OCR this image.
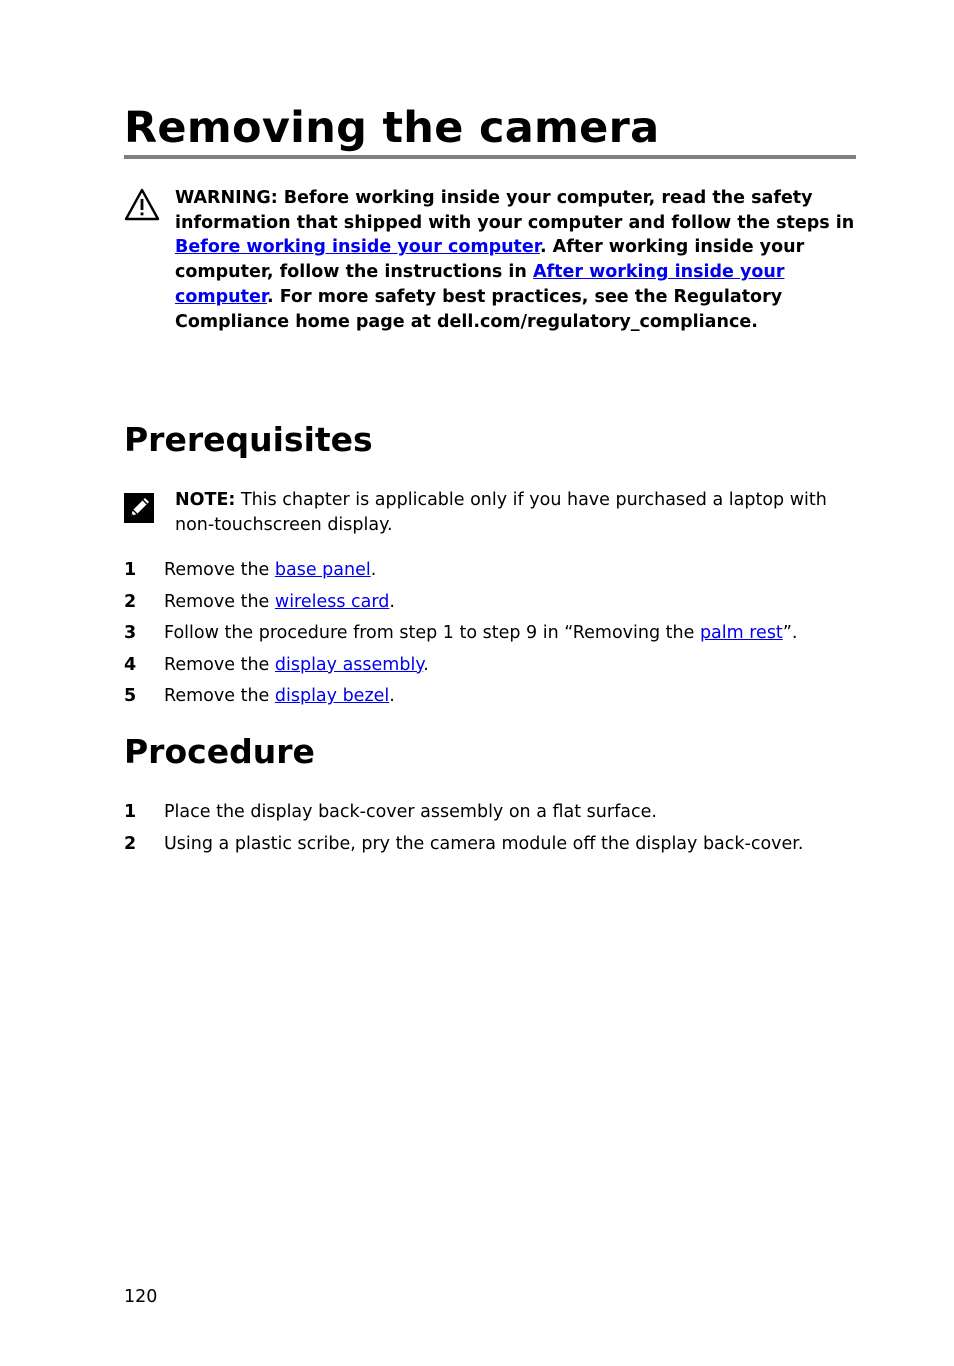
Removing the camera
WARNING: Before working inside your computer, read the safety information that shipped with your computer and follow the steps in Before working inside your computer. After working inside your computer, follow the instructions in After working inside your computer. For more safety best practices, see the Regulatory Compliance home page at dell.com/regulatory_compliance.
Prerequisites
NOTE: This chapter is applicable only if you have purchased a laptop with non-touchscreen display.
1 Remove the base panel.
2 Remove the wireless card.
3 Follow the procedure from step 1 to step 9 in “Removing the palm rest”.
4 Remove the display assembly.
5 Remove the display bezel.
Procedure
1 Place the display back-cover assembly on a flat surface.
2 Using a plastic scribe, pry the camera module off the display back-cover.
120
